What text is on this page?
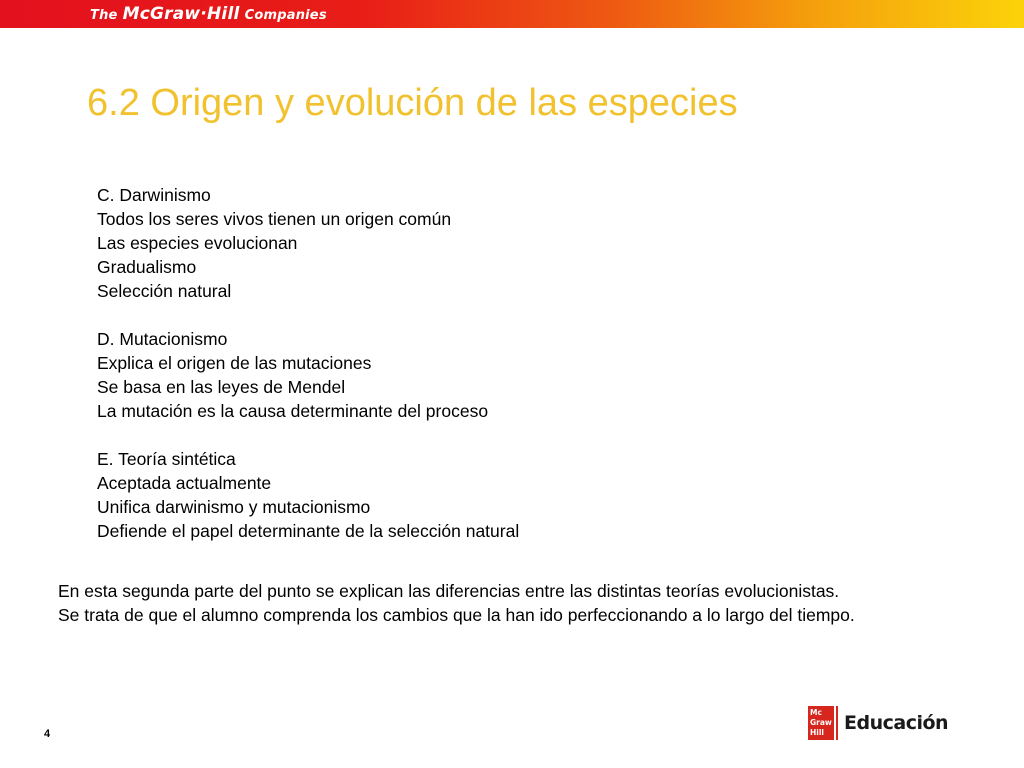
The McGraw·Hill Companies
6.2 Origen y evolución de las especies
C. Darwinismo
Todos los seres vivos tienen un origen común
Las especies evolucionan
Gradualismo
Selección natural
D. Mutacionismo
Explica el origen de las mutaciones
Se basa en las leyes de Mendel
La mutación es la causa determinante del proceso
E. Teoría sintética
Aceptada actualmente
Unifica darwinismo y mutacionismo
Defiende el papel determinante de la selección natural
En esta segunda parte del punto se explican las diferencias entre las distintas teorías evolucionistas.
Se trata de que el alumno comprenda los cambios que la han ido perfeccionando a lo largo del tiempo.
4
Mc
Graw
Hill	Educación
